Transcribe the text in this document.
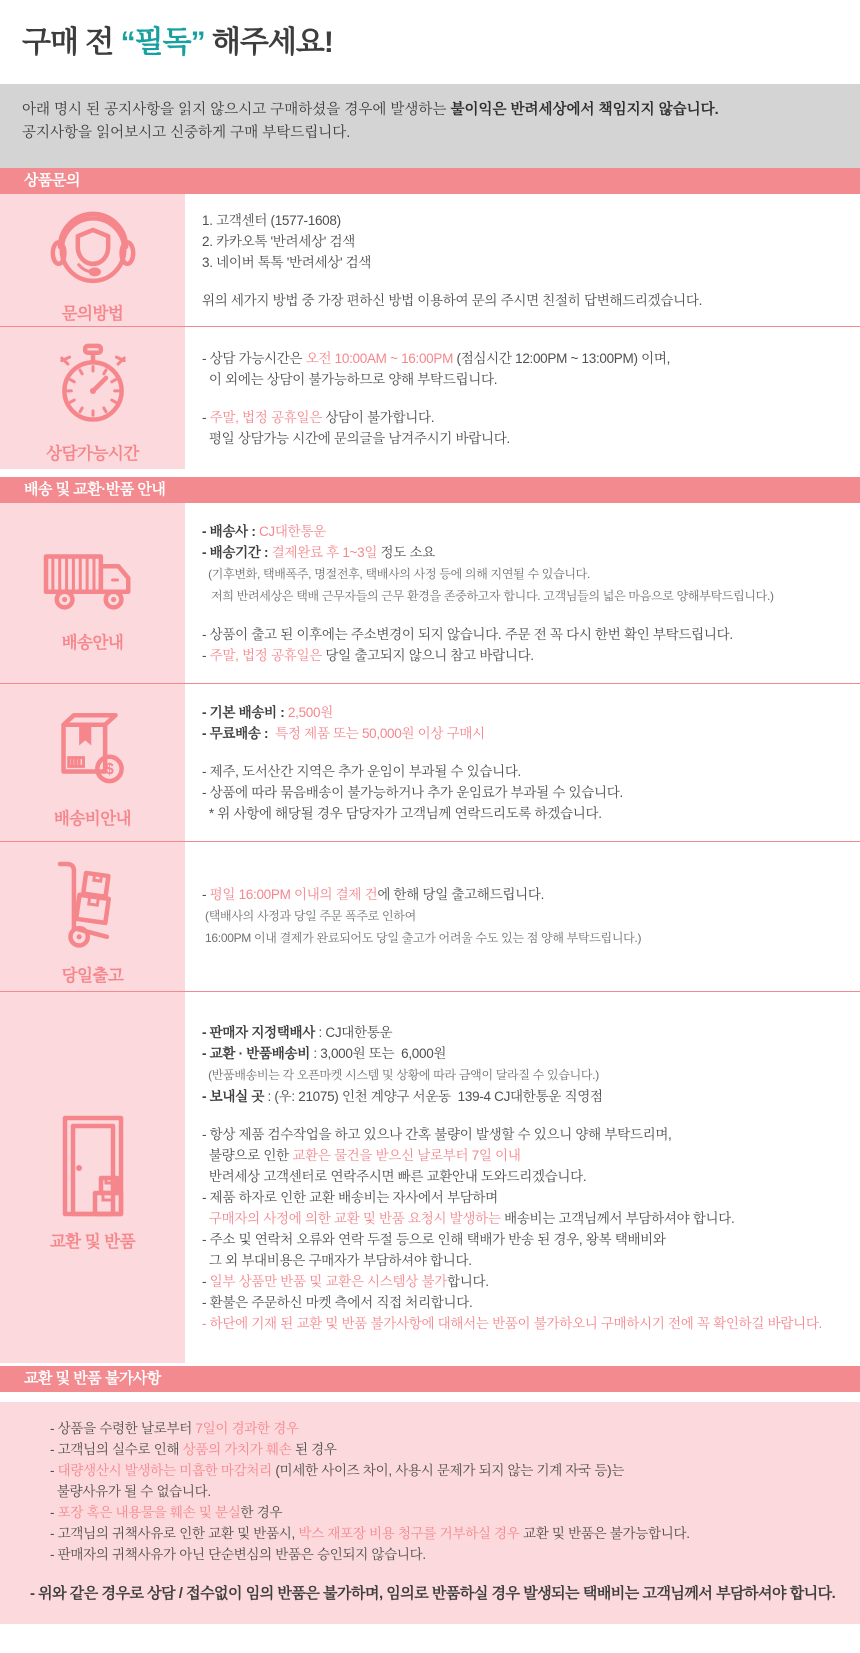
구매 전 “필독” 해주세요!

아래 명시 된 공지사항을 읽지 않으시고 구매하셨을 경우에 발생하는 불이익은 반려세상에서 책임지지 않습니다.

공지사항을 읽어보시고 신중하게 구매 부탁드립니다.

상품문의
문의방법
1. 고객센터 (1577-1608)
2. 카카오톡 '반려세상' 검색
3. 네이버 톡톡 '반려세상' 검색
위의 세가지 방법 중 가장 편하신 방법 이용하여 문의 주시면 친절히 답변해드리겠습니다.
상담가능시간
- 상담 가능시간은 오전 10:00AM ~ 16:00PM (점심시간 12:00PM ~ 13:00PM) 이며,
이 외에는 상담이 불가능하므로 양해 부탁드립니다.
- 주말, 법정 공휴일은 상담이 불가합니다.
평일 상담가능 시간에 문의글을 남겨주시기 바랍니다.
배송 및 교환·반품 안내
배송안내
- 배송사 : CJ대한통운
- 배송기간 : 결제완료 후 1~3일 정도 소요
(기후변화, 택배폭주, 명절전후, 택배사의 사정 등에 의해 지연될 수 있습니다.
저희 반려세상은 택배 근무자들의 근무 환경을 존중하고자 합니다. 고객님들의 넓은 마음으로 양해부탁드립니다.)
- 상품이 출고 된 이후에는 주소변경이 되지 않습니다. 주문 전 꼭 다시 한번 확인 부탁드립니다.
- 주말, 법정 공휴일은 당일 출고되지 않으니 참고 바랍니다.
$
배송비안내
- 기본 배송비 : 2,500원
- 무료배송 :  특정 제품 또는 50,000원 이상 구매시
- 제주, 도서산간 지역은 추가 운임이 부과될 수 있습니다.
- 상품에 따라 묶음배송이 불가능하거나 추가 운임료가 부과될 수 있습니다.
* 위 사항에 해당될 경우 담당자가 고객님께 연락드리도록 하겠습니다.
당일출고
- 평일 16:00PM 이내의 결제 건에 한해 당일 출고해드립니다.
(택배사의 사정과 당일 주문 폭주로 인하여
16:00PM 이내 결제가 완료되어도 당일 출고가 어려울 수도 있는 점 양해 부탁드립니다.)
교환 및 반품
- 판매자 지정택배사 : CJ대한통운
- 교환 · 반품배송비 : 3,000원 또는  6,000원
(반품배송비는 각 오픈마켓 시스템 및 상황에 따라 금액이 달라질 수 있습니다.)
- 보내실 곳 : (우: 21075) 인천 계양구 서운동  139-4 CJ대한통운 직영점
- 항상 제품 검수작업을 하고 있으나 간혹 불량이 발생할 수 있으니 양해 부탁드리며,
불량으로 인한 교환은 물건을 받으신 날로부터 7일 이내
반려세상 고객센터로 연락주시면 빠른 교환안내 도와드리겠습니다.
- 제품 하자로 인한 교환 배송비는 자사에서 부담하며
구매자의 사정에 의한 교환 및 반품 요청시 발생하는 배송비는 고객님께서 부담하셔야 합니다.
- 주소 및 연락처 오류와 연락 두절 등으로 인해 택배가 반송 된 경우, 왕복 택배비와
그 외 부대비용은 구매자가 부담하셔야 합니다.
- 일부 상품만 반품 및 교환은 시스템상 불가합니다.
- 환불은 주문하신 마켓 측에서 직접 처리합니다.
- 하단에 기재 된 교환 및 반품 불가사항에 대해서는 반품이 불가하오니 구매하시기 전에 꼭 확인하길 바랍니다.
교환 및 반품 불가사항
- 상품을 수령한 날로부터 7일이 경과한 경우
- 고객님의 실수로 인해 상품의 가치가 훼손 된 경우
- 대량생산시 발생하는 미흡한 마감처리 (미세한 사이즈 차이, 사용시 문제가 되지 않는 기계 자국 등)는
불량사유가 될 수 없습니다.
- 포장 혹은 내용물을 훼손 및 분실한 경우
- 고객님의 귀책사유로 인한 교환 및 반품시, 박스 재포장 비용 청구를 거부하실 경우 교환 및 반품은 불가능합니다.
- 판매자의 귀책사유가 아닌 단순변심의 반품은 승인되지 않습니다.
- 위와 같은 경우로 상담 / 접수없이 임의 반품은 불가하며, 임의로 반품하실 경우 발생되는 택배비는 고객님께서 부담하셔야 합니다.
